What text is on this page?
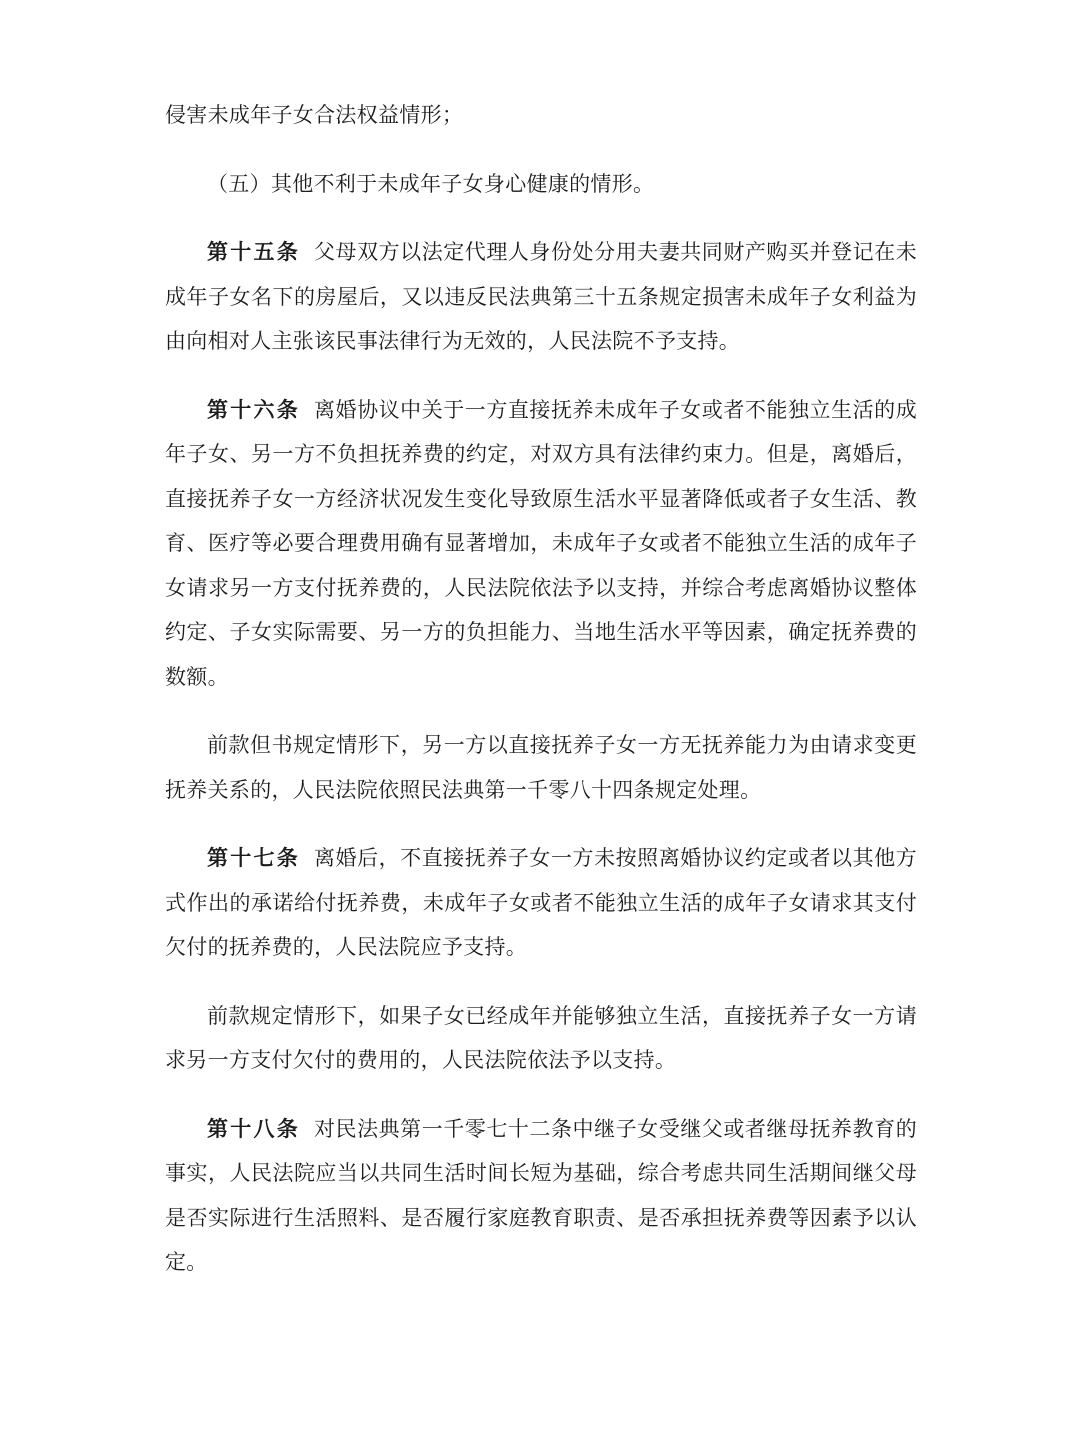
侵害未成年子女合法权益情形；

（五）其他不利于未成年子女身心健康的情形。

第十五条 父母双方以法定代理人身份处分用夫妻共同财产购买并登记在未成年子女名下的房屋后，又以违反民法典第三十五条规定损害未成年子女利益为由向相对人主张该民事法律行为无效的，人民法院不予支持。

第十六条 离婚协议中关于一方直接抚养未成年子女或者不能独立生活的成年子女、另一方不负担抚养费的约定，对双方具有法律约束力。但是，离婚后，直接抚养子女一方经济状况发生变化导致原生活水平显著降低或者子女生活、教育、医疗等必要合理费用确有显著增加，未成年子女或者不能独立生活的成年子女请求另一方支付抚养费的，人民法院依法予以支持，并综合考虑离婚协议整体约定、子女实际需要、另一方的负担能力、当地生活水平等因素，确定抚养费的数额。

前款但书规定情形下，另一方以直接抚养子女一方无抚养能力为由请求变更抚养关系的，人民法院依照民法典第一千零八十四条规定处理。

第十七条 离婚后，不直接抚养子女一方未按照离婚协议约定或者以其他方式作出的承诺给付抚养费，未成年子女或者不能独立生活的成年子女请求其支付欠付的抚养费的，人民法院应予支持。

前款规定情形下，如果子女已经成年并能够独立生活，直接抚养子女一方请求另一方支付欠付的费用的，人民法院依法予以支持。

第十八条 对民法典第一千零七十二条中继子女受继父或者继母抚养教育的事实，人民法院应当以共同生活时间长短为基础，综合考虑共同生活期间继父母是否实际进行生活照料、是否履行家庭教育职责、是否承担抚养费等因素予以认定。
